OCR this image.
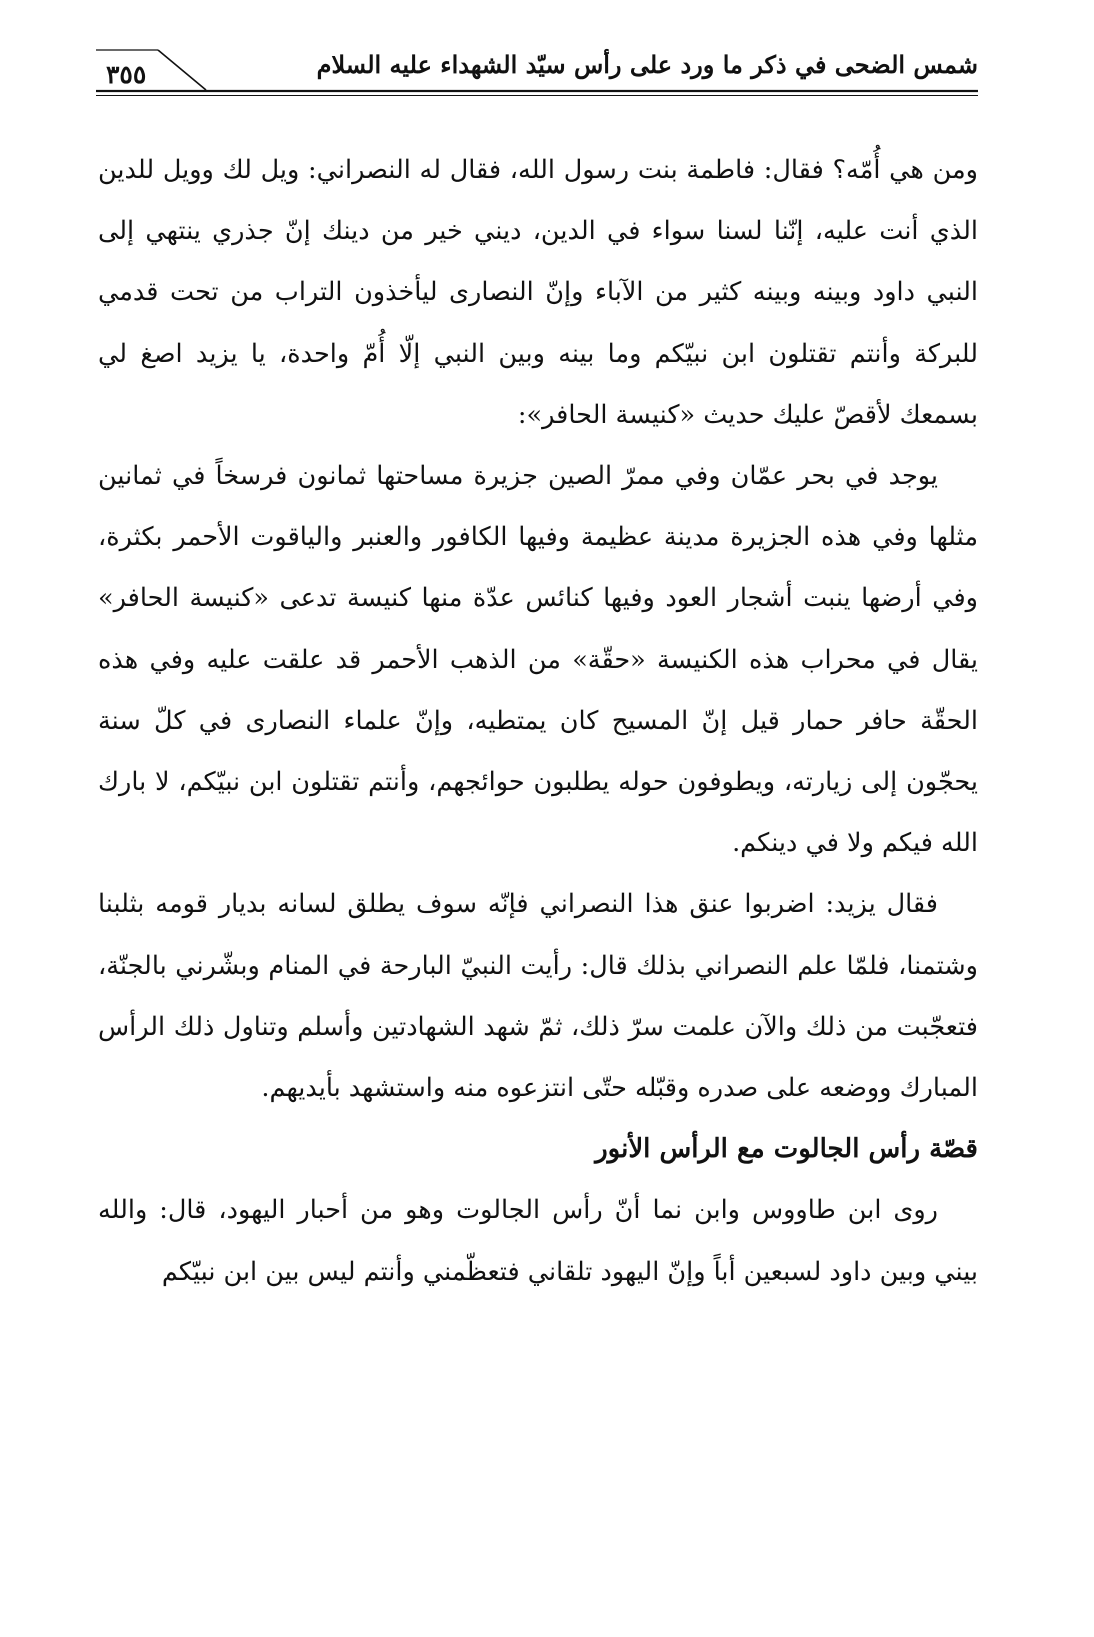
٣٥٥	شمس الضحى في ذكر ما ورد على رأس سيّد الشهداء عليه السلام

ومن هي أُمّه؟ فقال: فاطمة بنت رسول الله، فقال له النصراني: ويل لك وويل للدين الذي أنت عليه، إنّنا لسنا سواء في الدين، ديني خير من دينك إنّ جذري ينتهي إلى النبي داود وبينه وبينه كثير من الآباء وإنّ النصارى ليأخذون التراب من تحت قدمي للبركة وأنتم تقتلون ابن نبيّكم وما بينه وبين النبي إلّا أُمّ واحدة، يا يزيد اصغ لي بسمعك لأقصّ عليك حديث «كنيسة الحافر»:

يوجد في بحر عمّان وفي ممرّ الصين جزيرة مساحتها ثمانون فرسخاً في ثمانين مثلها وفي هذه الجزيرة مدينة عظيمة وفيها الكافور والعنبر والياقوت الأحمر بكثرة، وفي أرضها ينبت أشجار العود وفيها كنائس عدّة منها كنيسة تدعى «كنيسة الحافر» يقال في محراب هذه الكنيسة «حقّة» من الذهب الأحمر قد علقت عليه وفي هذه الحقّة حافر حمار قيل إنّ المسيح كان يمتطيه، وإنّ علماء النصارى في كلّ سنة يحجّون إلى زيارته، ويطوفون حوله يطلبون حوائجهم، وأنتم تقتلون ابن نبيّكم، لا بارك الله فيكم ولا في دينكم.

فقال يزيد: اضربوا عنق هذا النصراني فإنّه سوف يطلق لسانه بديار قومه بثلبنا وشتمنا، فلمّا علم النصراني بذلك قال: رأيت النبيّ البارحة في المنام وبشّرني بالجنّة، فتعجّبت من ذلك والآن علمت سرّ ذلك، ثمّ شهد الشهادتين وأسلم وتناول ذلك الرأس المبارك ووضعه على صدره وقبّله حتّى انتزعوه منه واستشهد بأيديهم.

قصّة رأس الجالوت مع الرأس الأنور

روى ابن طاووس وابن نما أنّ رأس الجالوت وهو من أحبار اليهود، قال: والله بيني وبين داود لسبعين أباً وإنّ اليهود تلقاني فتعظّمني وأنتم ليس بين ابن نبيّكم
